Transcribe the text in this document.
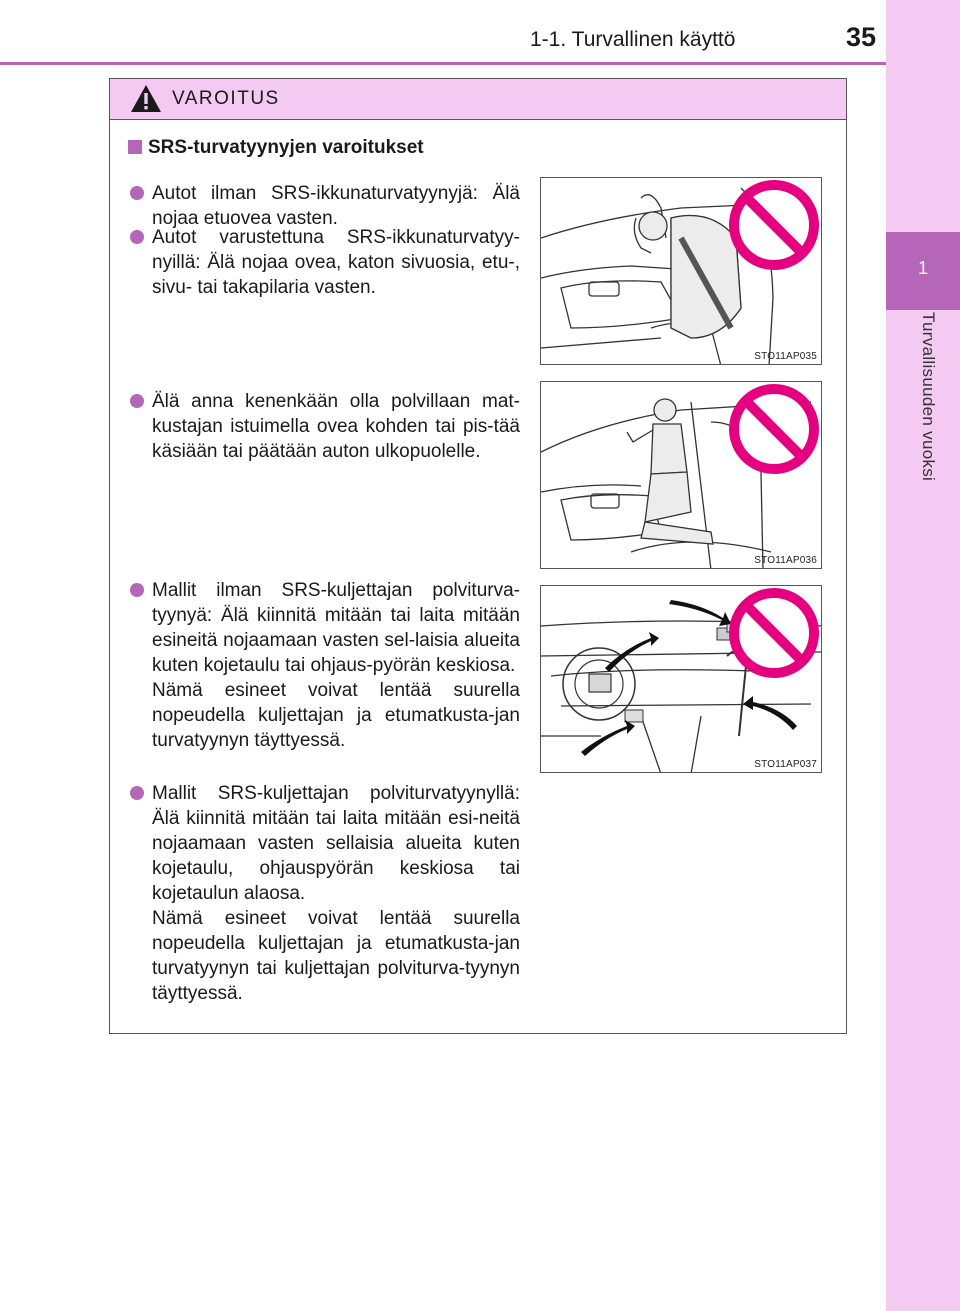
1-1. Turvallinen käyttö	35
1
Turvallisuuden vuoksi
VAROITUS
SRS-turvatyynyjen varoitukset

Autot ilman SRS-ikkunaturvatyynyjä: Älä nojaa etuovea vasten.

Autot varustettuna SRS-ikkunaturvatyy-nyillä: Älä nojaa ovea, katon sivuosia, etu-, sivu- tai takapilaria vasten.

Älä anna kenenkään olla polvillaan mat-kustajan istuimella ovea kohden tai pis-tää käsiään tai päätään auton ulkopuolelle.

Mallit ilman SRS-kuljettajan polviturva-tyynyä: Älä kiinnitä mitään tai laita mitään esineitä nojaamaan vasten sel-laisia alueita kuten kojetaulu tai ohjaus-pyörän keskiosa.

Nämä esineet voivat lentää suurella nopeudella kuljettajan ja etumatkusta-jan turvatyynyn täyttyessä.

Mallit SRS-kuljettajan polviturvatyynyllä: Älä kiinnitä mitään tai laita mitään esi-neitä nojaamaan vasten sellaisia alueita kuten kojetaulu, ohjauspyörän keskiosa tai kojetaulun alaosa.

Nämä esineet voivat lentää suurella nopeudella kuljettajan ja etumatkusta-jan turvatyynyn tai kuljettajan polviturva-tyynyn täyttyessä.

STO11AP035
STO11AP036
STO11AP037
